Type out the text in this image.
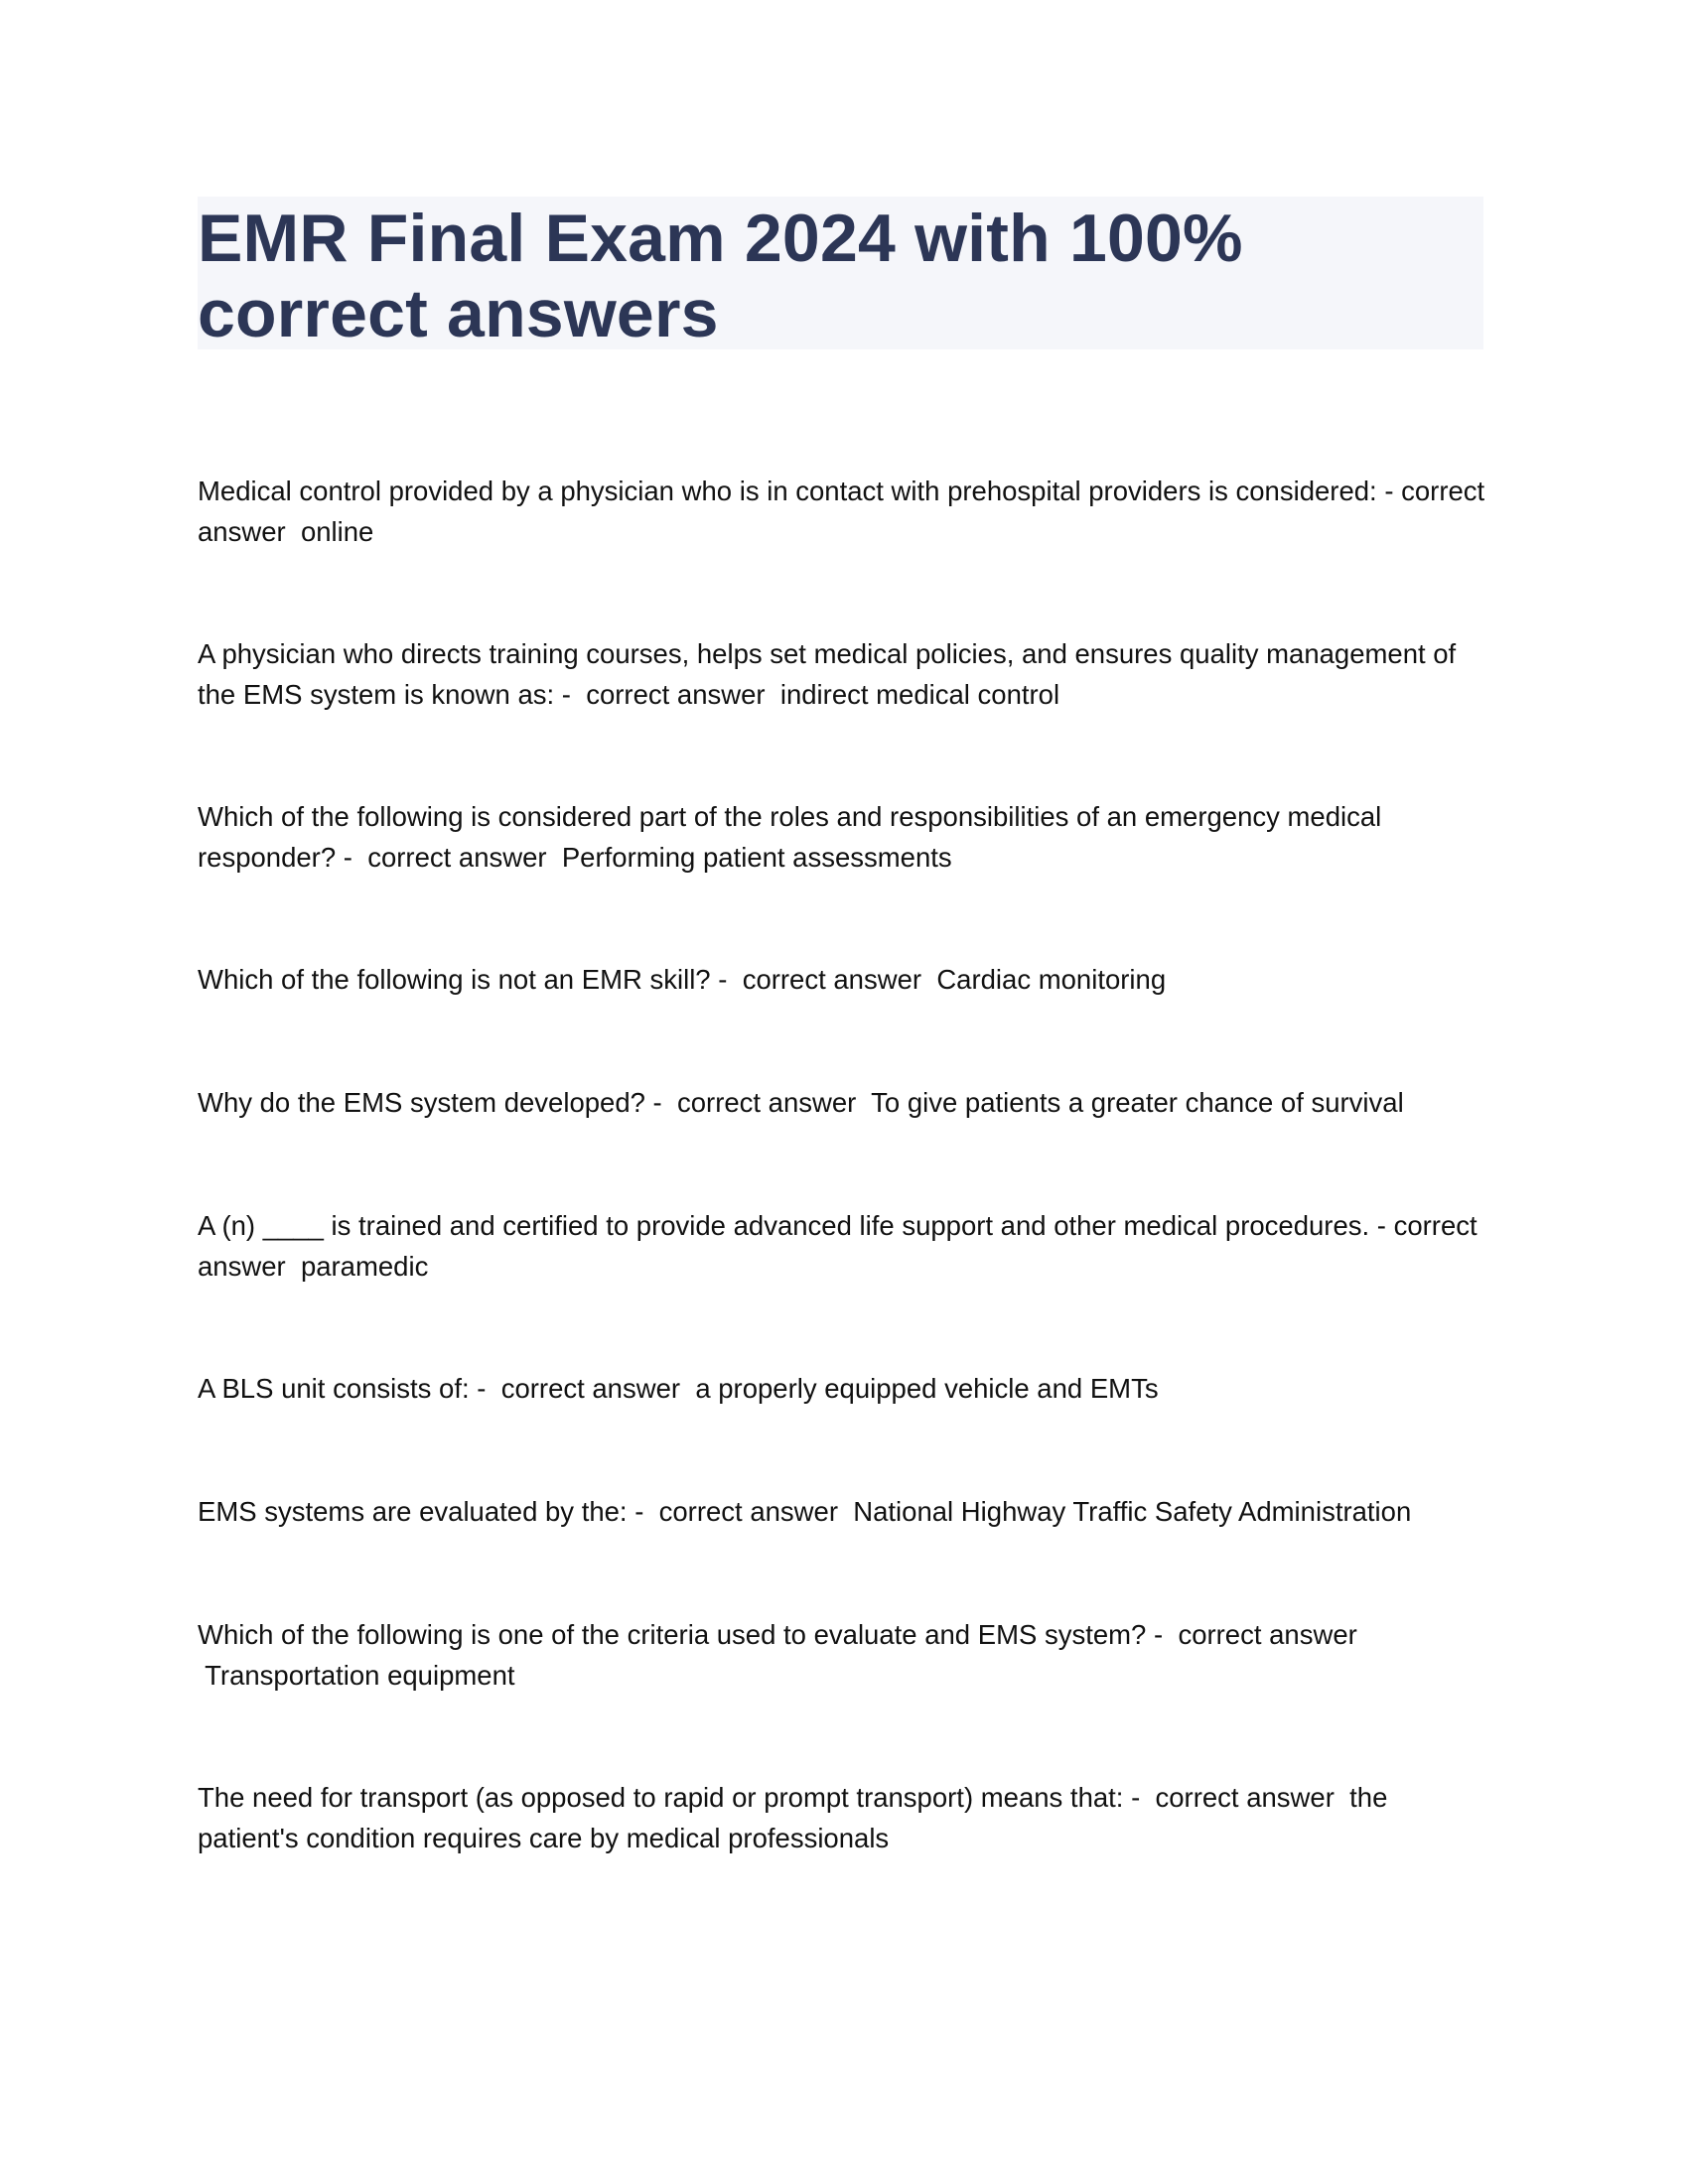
EMR Final Exam 2024 with 100% correct answers

Medical control provided by a physician who is in contact with prehospital providers is considered: - correct answer online

A physician who directs training courses, helps set medical policies, and ensures quality management of the EMS system is known as: - correct answer indirect medical control

Which of the following is considered part of the roles and responsibilities of an emergency medical responder? - correct answer Performing patient assessments

Which of the following is not an EMR skill? - correct answer Cardiac monitoring

Why do the EMS system developed? - correct answer To give patients a greater chance of survival

A (n) ____ is trained and certified to provide advanced life support and other medical procedures. - correct answer paramedic

A BLS unit consists of: - correct answer a properly equipped vehicle and EMTs

EMS systems are evaluated by the: - correct answer National Highway Traffic Safety Administration

Which of the following is one of the criteria used to evaluate and EMS system? - correct answer Transportation equipment

The need for transport (as opposed to rapid or prompt transport) means that: - correct answer the patient's condition requires care by medical professionals
